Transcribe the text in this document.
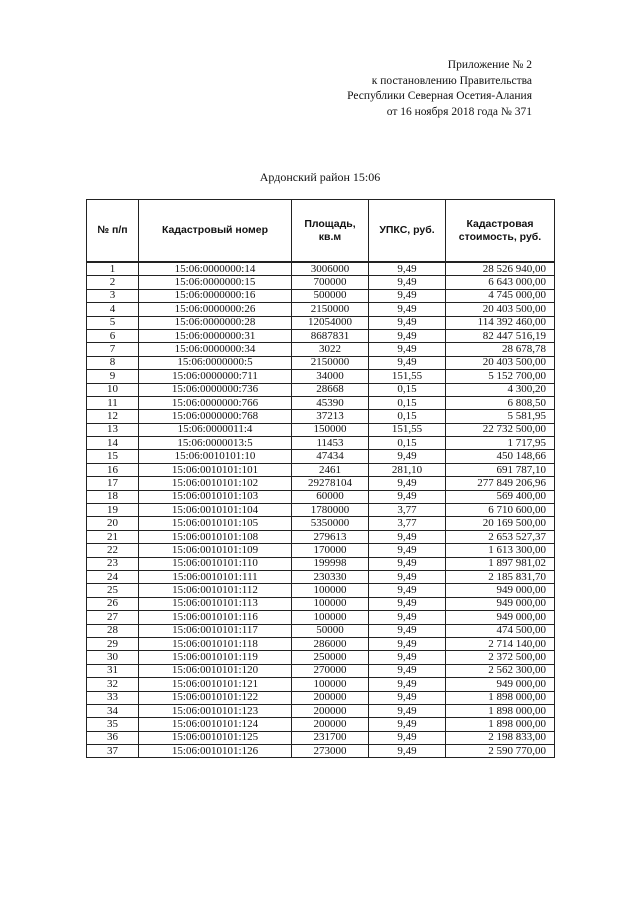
Приложение № 2
к постановлению Правительства
Республики Северная Осетия-Алания
от 16 ноября 2018 года № 371
Ардонский район 15:06
№ п/п	Кадастровый номер	Площадь, кв.м	УПКС, руб.	Кадастровая стоимость, руб.
1	15:06:0000000:14	3006000	9,49	28 526 940,00
2	15:06:0000000:15	700000	9,49	6 643 000,00
3	15:06:0000000:16	500000	9,49	4 745 000,00
4	15:06:0000000:26	2150000	9,49	20 403 500,00
5	15:06:0000000:28	12054000	9,49	114 392 460,00
6	15:06:0000000:31	8687831	9,49	82 447 516,19
7	15:06:0000000:34	3022	9,49	28 678,78
8	15:06:0000000:5	2150000	9,49	20 403 500,00
9	15:06:0000000:711	34000	151,55	5 152 700,00
10	15:06:0000000:736	28668	0,15	4 300,20
11	15:06:0000000:766	45390	0,15	6 808,50
12	15:06:0000000:768	37213	0,15	5 581,95
13	15:06:0000011:4	150000	151,55	22 732 500,00
14	15:06:0000013:5	11453	0,15	1 717,95
15	15:06:0010101:10	47434	9,49	450 148,66
16	15:06:0010101:101	2461	281,10	691 787,10
17	15:06:0010101:102	29278104	9,49	277 849 206,96
18	15:06:0010101:103	60000	9,49	569 400,00
19	15:06:0010101:104	1780000	3,77	6 710 600,00
20	15:06:0010101:105	5350000	3,77	20 169 500,00
21	15:06:0010101:108	279613	9,49	2 653 527,37
22	15:06:0010101:109	170000	9,49	1 613 300,00
23	15:06:0010101:110	199998	9,49	1 897 981,02
24	15:06:0010101:111	230330	9,49	2 185 831,70
25	15:06:0010101:112	100000	9,49	949 000,00
26	15:06:0010101:113	100000	9,49	949 000,00
27	15:06:0010101:116	100000	9,49	949 000,00
28	15:06:0010101:117	50000	9,49	474 500,00
29	15:06:0010101:118	286000	9,49	2 714 140,00
30	15:06:0010101:119	250000	9,49	2 372 500,00
31	15:06:0010101:120	270000	9,49	2 562 300,00
32	15:06:0010101:121	100000	9,49	949 000,00
33	15:06:0010101:122	200000	9,49	1 898 000,00
34	15:06:0010101:123	200000	9,49	1 898 000,00
35	15:06:0010101:124	200000	9,49	1 898 000,00
36	15:06:0010101:125	231700	9,49	2 198 833,00
37	15:06:0010101:126	273000	9,49	2 590 770,00
